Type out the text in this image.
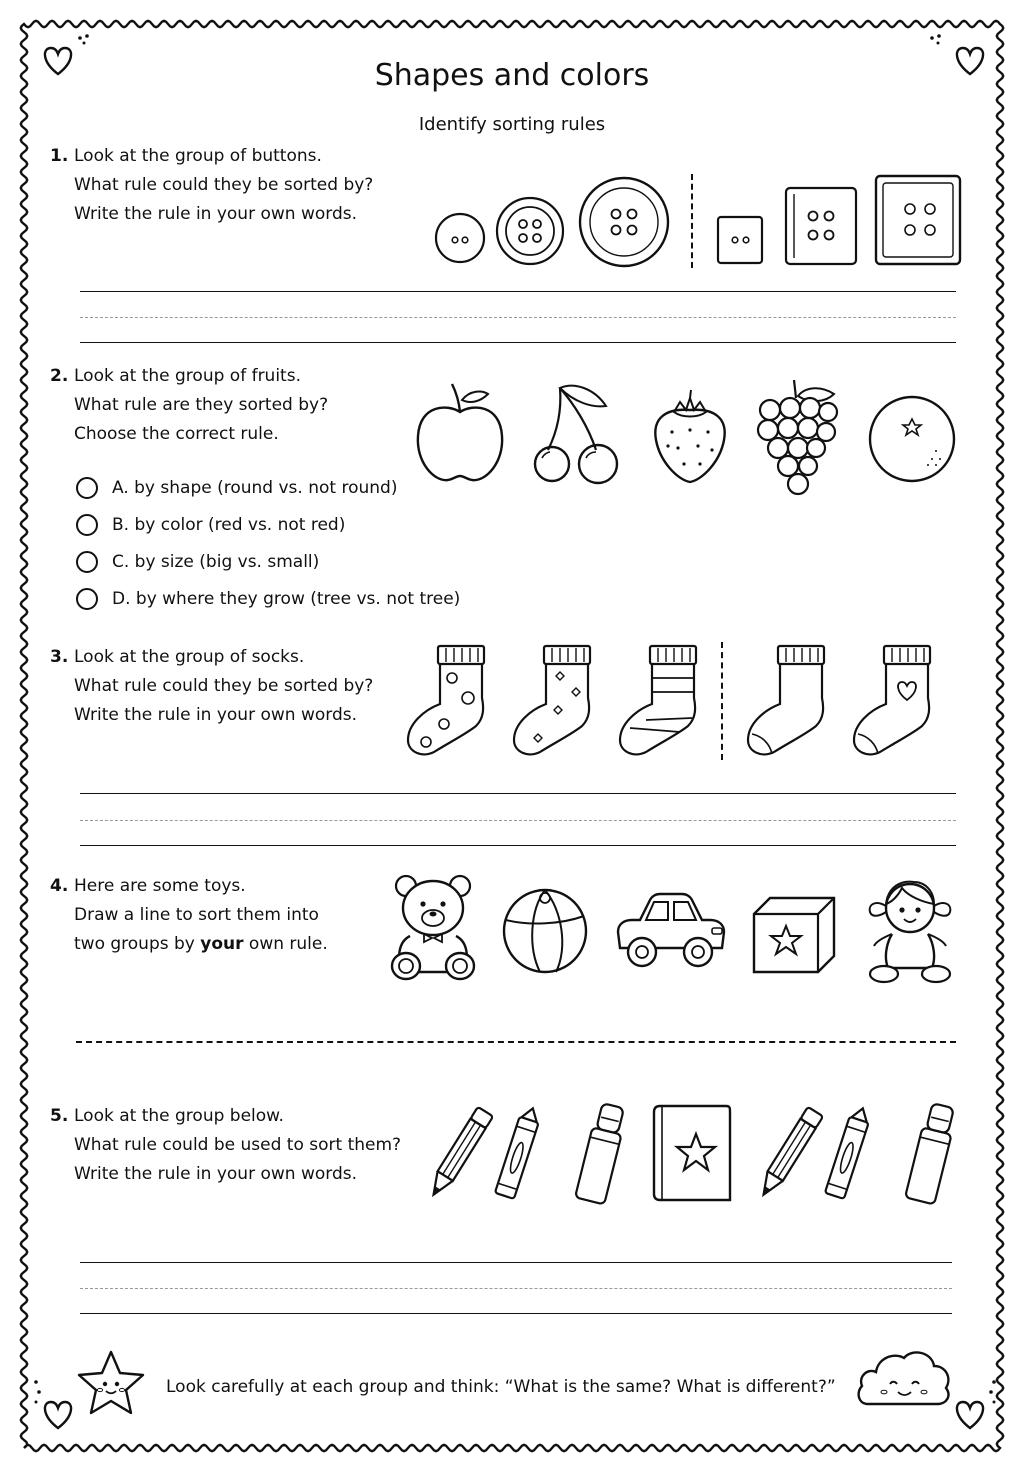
Shapes and colors
Identify sorting rules
1. Look at the group of buttons.
What rule could they be sorted by?
Write the rule in your own words.
2. Look at the group of fruits.
What rule are they sorted by?
Choose the correct rule.
A. by shape (round vs. not round)
B. by color (red vs. not red)
C. by size (big vs. small)
D. by where they grow (tree vs. not tree)
3. Look at the group of socks.
What rule could they be sorted by?
Write the rule in your own words.
4. Here are some toys.
Draw a line to sort them into
two groups by your own rule.
5. Look at the group below.
What rule could be used to sort them?
Write the rule in your own words.
Look carefully at each group and think: “What is the same? What is different?”
